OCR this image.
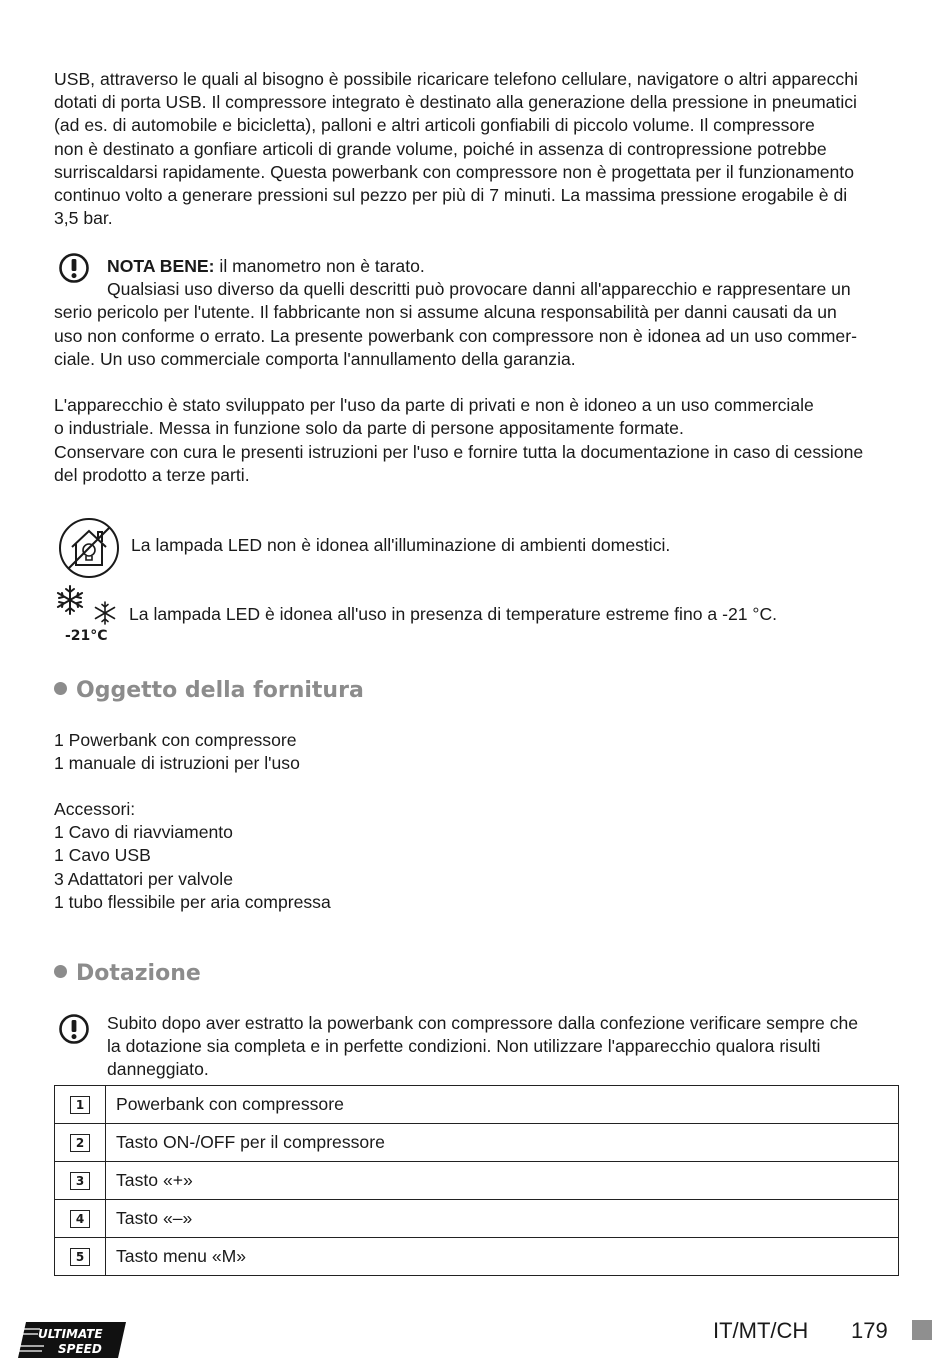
USB, attraverso le quali al bisogno è possibile ricaricare telefono cellulare, navigatore o altri apparecchi

dotati di porta USB. Il compressore integrato è destinato alla generazione della pressione in pneumatici

(ad es. di automobile e bicicletta), palloni e altri articoli gonfiabili di piccolo volume. Il compressore

non è destinato a gonfiare articoli di grande volume, poiché in assenza di contropressione potrebbe

surriscaldarsi rapidamente. Questa powerbank con compressore non è progettata per il funzionamento

continuo volto a generare pressioni sul pezzo per più di 7 minuti. La massima pressione erogabile è di

3,5 bar.

NOTA BENE: il manometro non è tarato.

Qualsiasi uso diverso da quelli descritti può provocare danni all'apparecchio e rappresentare un

serio pericolo per l'utente. Il fabbricante non si assume alcuna responsabilità per danni causati da un

uso non conforme o errato. La presente powerbank con compressore non è idonea ad un uso commer-

ciale. Un uso commerciale comporta l'annullamento della garanzia.

L'apparecchio è stato sviluppato per l'uso da parte di privati e non è idoneo a un uso commerciale

o industriale. Messa in funzione solo da parte di persone appositamente formate.

Conservare con cura le presenti istruzioni per l'uso e fornire tutta la documentazione in caso di cessione

del prodotto a terze parti.

La lampada LED non è idonea all'illuminazione di ambienti domestici.
-21°C
La lampada LED è idonea all'uso in presenza di temperature estreme fino a -21 °C.
Oggetto della fornitura

1 Powerbank con compressore

1 manuale di istruzioni per l'uso

Accessori:

1 Cavo di riavviamento

1 Cavo USB

3 Adattatori per valvole

1 tubo flessibile per aria compressa

Dotazione

Subito dopo aver estratto la powerbank con compressore dalla confezione verificare sempre che

la dotazione sia completa e in perfette condizioni. Non utilizzare l'apparecchio qualora risulti

danneggiato.

1	Powerbank con compressore
2	Tasto ON-/OFF per il compressore
3	Tasto «+»
4	Tasto «–»
5	Tasto menu «M»
ULTIMATE
SPEED
IT/MT/CH 179
